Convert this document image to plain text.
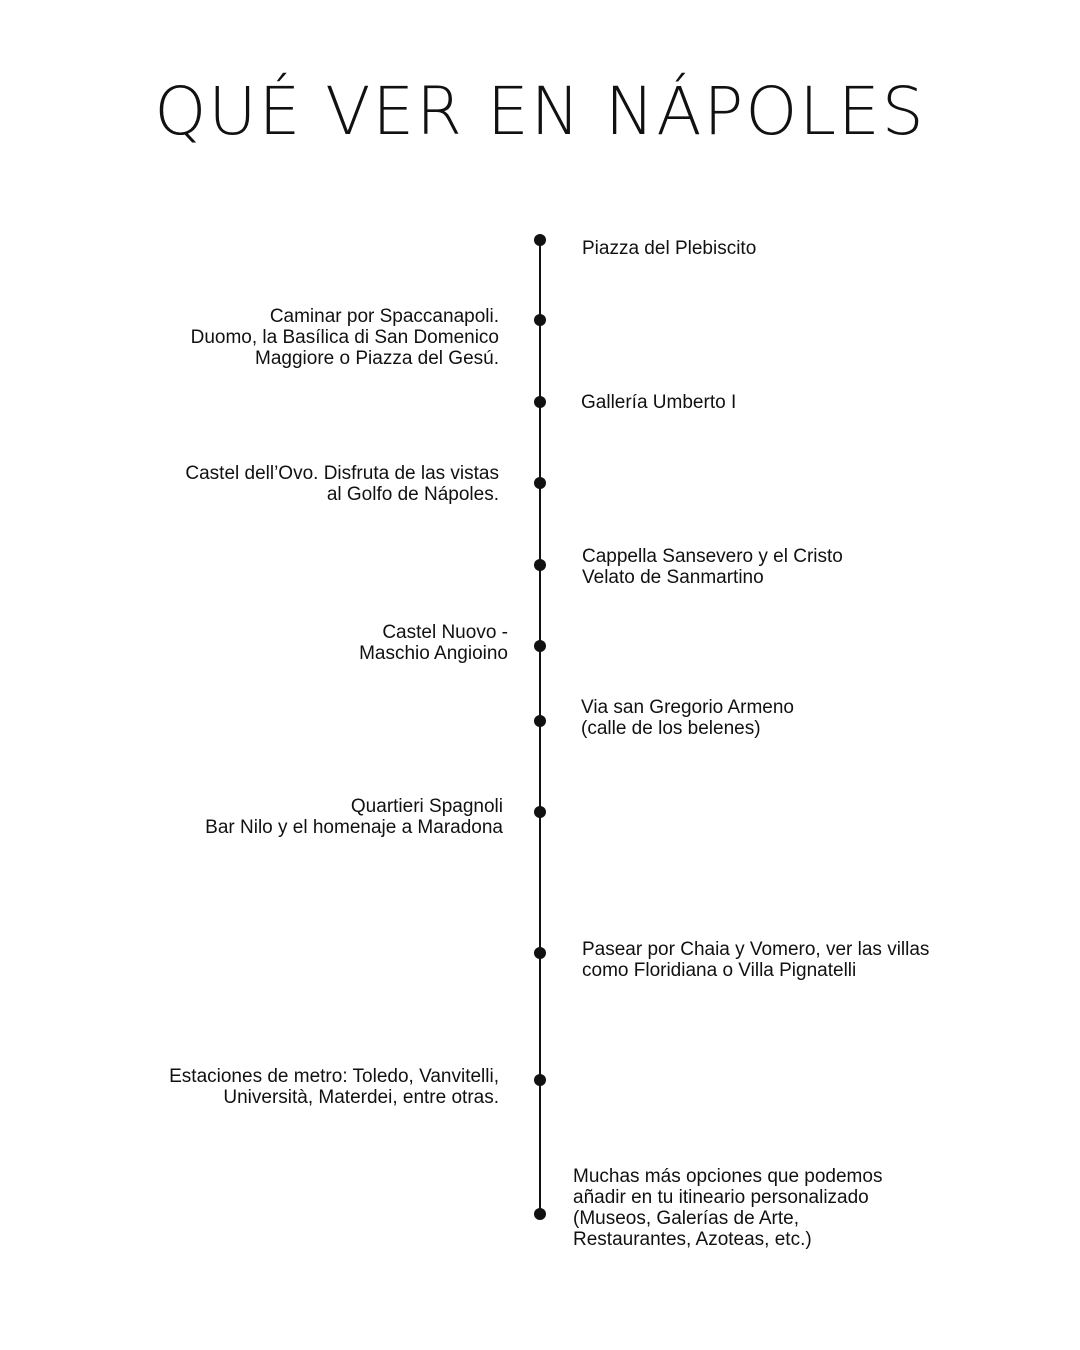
QUÉ VER EN NÁPOLES
Piazza del Plebiscito
Caminar por Spaccanapoli.
Duomo, la Basílica di San Domenico
Maggiore o Piazza del Gesú.
Gallería Umberto I
Castel dell’Ovo. Disfruta de las vistas
al Golfo de Nápoles.
Cappella Sansevero y el Cristo
Velato de Sanmartino
Castel Nuovo -
Maschio Angioino
Via san Gregorio Armeno
(calle de los belenes)
Quartieri Spagnoli
Bar Nilo y el homenaje a Maradona
Pasear por Chaia y Vomero, ver las villas
como Floridiana o Villa Pignatelli
Estaciones de metro: Toledo, Vanvitelli,
Università, Materdei, entre otras.
Muchas más opciones que podemos
añadir en tu itineario personalizado
(Museos, Galerías de Arte,
Restaurantes, Azoteas, etc.)
